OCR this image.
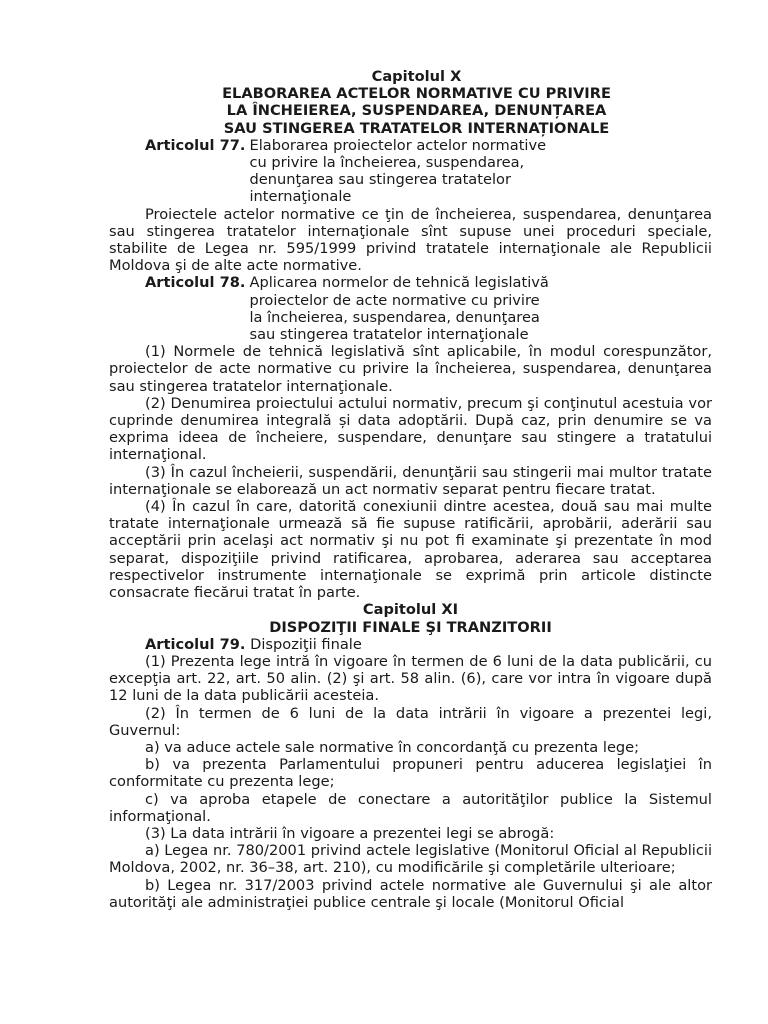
Capitolul X
ELABORAREA ACTELOR NORMATIVE CU PRIVIRE
LA ÎNCHEIEREA, SUSPENDAREA, DENUNȚAREA
SAU STINGEREA TRATATELOR INTERNAȚIONALE
Articolul 77. Elaborarea proiectelor actelor normative
cu privire la încheierea, suspendarea,
denunţarea sau stingerea tratatelor
internaţionale

Proiectele actelor normative ce ţin de încheierea, suspendarea, denunţarea sau stingerea tratatelor internaţionale sînt supuse unei proceduri speciale, stabilite de Legea nr. 595/1999 privind tratatele internaţionale ale Republicii Moldova şi de alte acte normative.

Articolul 78. Aplicarea normelor de tehnică legislativă
proiectelor de acte normative cu privire
la încheierea, suspendarea, denunţarea
sau stingerea tratatelor internaţionale

(1) Normele de tehnică legislativă sînt aplicabile, în modul corespunzător, proiectelor de acte normative cu privire la încheierea, suspendarea, denunţarea sau stingerea tratatelor internaţionale.

(2) Denumirea proiectului actului normativ, precum şi conţinutul acestuia vor cuprinde denumirea integrală și data adoptării. După caz, prin denumire se va exprima ideea de încheiere, suspendare, denunţare sau stingere a tratatului internaţional.

(3) În cazul încheierii, suspendării, denunţării sau stingerii mai multor tratate internaţionale se elaborează un act normativ separat pentru fiecare tratat.

(4) În cazul în care, datorită conexiunii dintre acestea, două sau mai multe tratate internaţionale urmează să fie supuse ratificării, aprobării, aderării sau acceptării prin acelaşi act normativ şi nu pot fi examinate şi prezentate în mod separat, dispoziţiile privind ratificarea, aprobarea, aderarea sau acceptarea respectivelor instrumente internaţionale se exprimă prin articole distincte consacrate fiecărui tratat în parte.

Capitolul XI
DISPOZIŢII FINALE ŞI TRANZITORII
Articolul 79. Dispoziţii finale

(1) Prezenta lege intră în vigoare în termen de 6 luni de la data publicării, cu excepţia art. 22, art. 50 alin. (2) şi art. 58 alin. (6), care vor intra în vigoare după 12 luni de la data publicării acesteia.

(2) În termen de 6 luni de la data intrării în vigoare a prezentei legi, Guvernul:

a) va aduce actele sale normative în concordanţă cu prezenta lege;

b) va prezenta Parlamentului propuneri pentru aducerea legislaţiei în conformitate cu prezenta lege;

c) va aproba etapele de conectare a autorităţilor publice la Sistemul informaţional.

(3) La data intrării în vigoare a prezentei legi se abrogă:

a) Legea nr. 780/2001 privind actele legislative (Monitorul Oficial al Republicii Moldova, 2002, nr. 36–38, art. 210), cu modificările şi completările ulterioare;

b) Legea nr. 317/2003 privind actele normative ale Guvernului şi ale altor autorităţi ale administraţiei publice centrale şi locale (Monitorul Oficial
